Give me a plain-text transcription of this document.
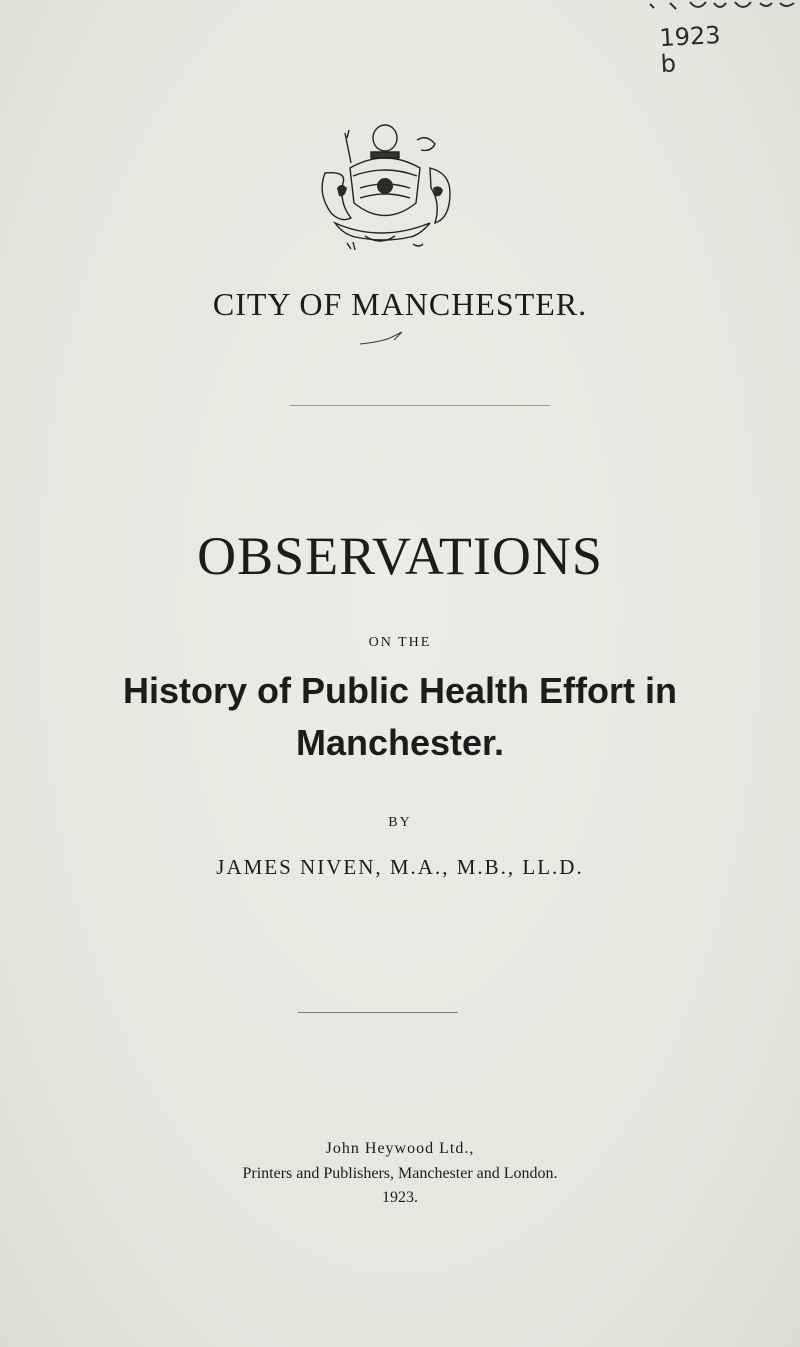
1923
b
CITY OF MANCHESTER.
OBSERVATIONS
ON THE
History of Public Health Effort in
Manchester.
BY
JAMES NIVEN, M.A., M.B., LL.D.
John Heywood Ltd.,
Printers and Publishers, Manchester and London.
1923.
